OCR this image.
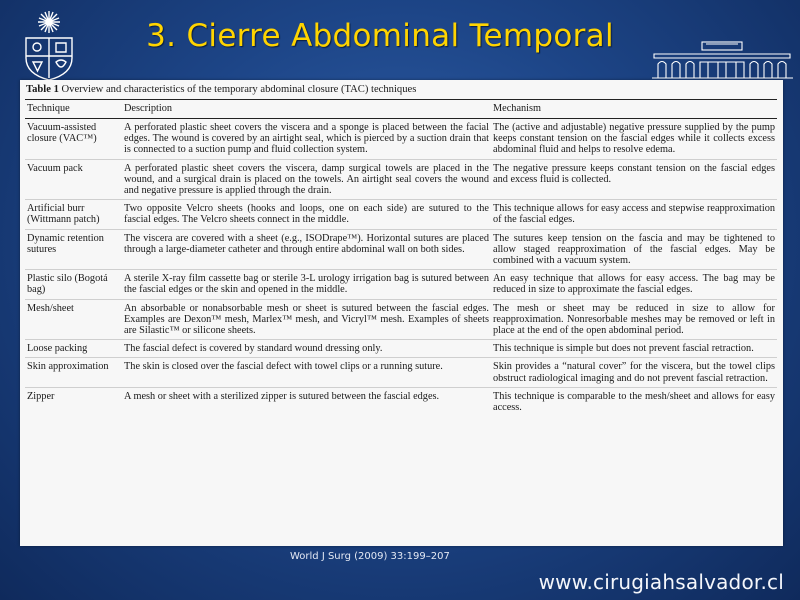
3. Cierre Abdominal Temporal
Table 1 Overview and characteristics of the temporary abdominal closure (TAC) techniques
Technique	Description	Mechanism
Vacuum-assisted closure (VAC™)	A perforated plastic sheet covers the viscera and a sponge is placed between the facial edges. The wound is covered by an airtight seal, which is pierced by a suction drain that is connected to a suction pump and fluid collection system.	The (active and adjustable) negative pressure supplied by the pump keeps constant tension on the fascial edges while it collects excess abdominal fluid and helps to resolve edema.
Vacuum pack	A perforated plastic sheet covers the viscera, damp surgical towels are placed in the wound, and a surgical drain is placed on the towels. An airtight seal covers the wound and negative pressure is applied through the drain.	The negative pressure keeps constant tension on the fascial edges and excess fluid is collected.
Artificial burr (Wittmann patch)	Two opposite Velcro sheets (hooks and loops, one on each side) are sutured to the fascial edges. The Velcro sheets connect in the middle.	This technique allows for easy access and stepwise reapproximation of the fascial edges.
Dynamic retention sutures	The viscera are covered with a sheet (e.g., ISODrape™). Horizontal sutures are placed through a large-diameter catheter and through entire abdominal wall on both sides.	The sutures keep tension on the fascia and may be tightened to allow staged reapproximation of the fascial edges. May be combined with a vacuum system.
Plastic silo (Bogotá bag)	A sterile X-ray film cassette bag or sterile 3-L urology irrigation bag is sutured between the fascial edges or the skin and opened in the middle.	An easy technique that allows for easy access. The bag may be reduced in size to approximate the fascial edges.
Mesh/sheet	An absorbable or nonabsorbable mesh or sheet is sutured between the fascial edges. Examples are Dexon™ mesh, Marlex™ mesh, and Vicryl™ mesh. Examples of sheets are Silastic™ or silicone sheets.	The mesh or sheet may be reduced in size to allow for reapproximation. Nonresorbable meshes may be removed or left in place at the end of the open abdominal period.
Loose packing	The fascial defect is covered by standard wound dressing only.	This technique is simple but does not prevent fascial retraction.
Skin approximation	The skin is closed over the fascial defect with towel clips or a running suture.	Skin provides a “natural cover” for the viscera, but the towel clips obstruct radiological imaging and do not prevent fascial retraction.
Zipper	A mesh or sheet with a sterilized zipper is sutured between the fascial edges.	This technique is comparable to the mesh/sheet and allows for easy access.
World J Surg (2009) 33:199–207
www.cirugiahsalvador.cl
